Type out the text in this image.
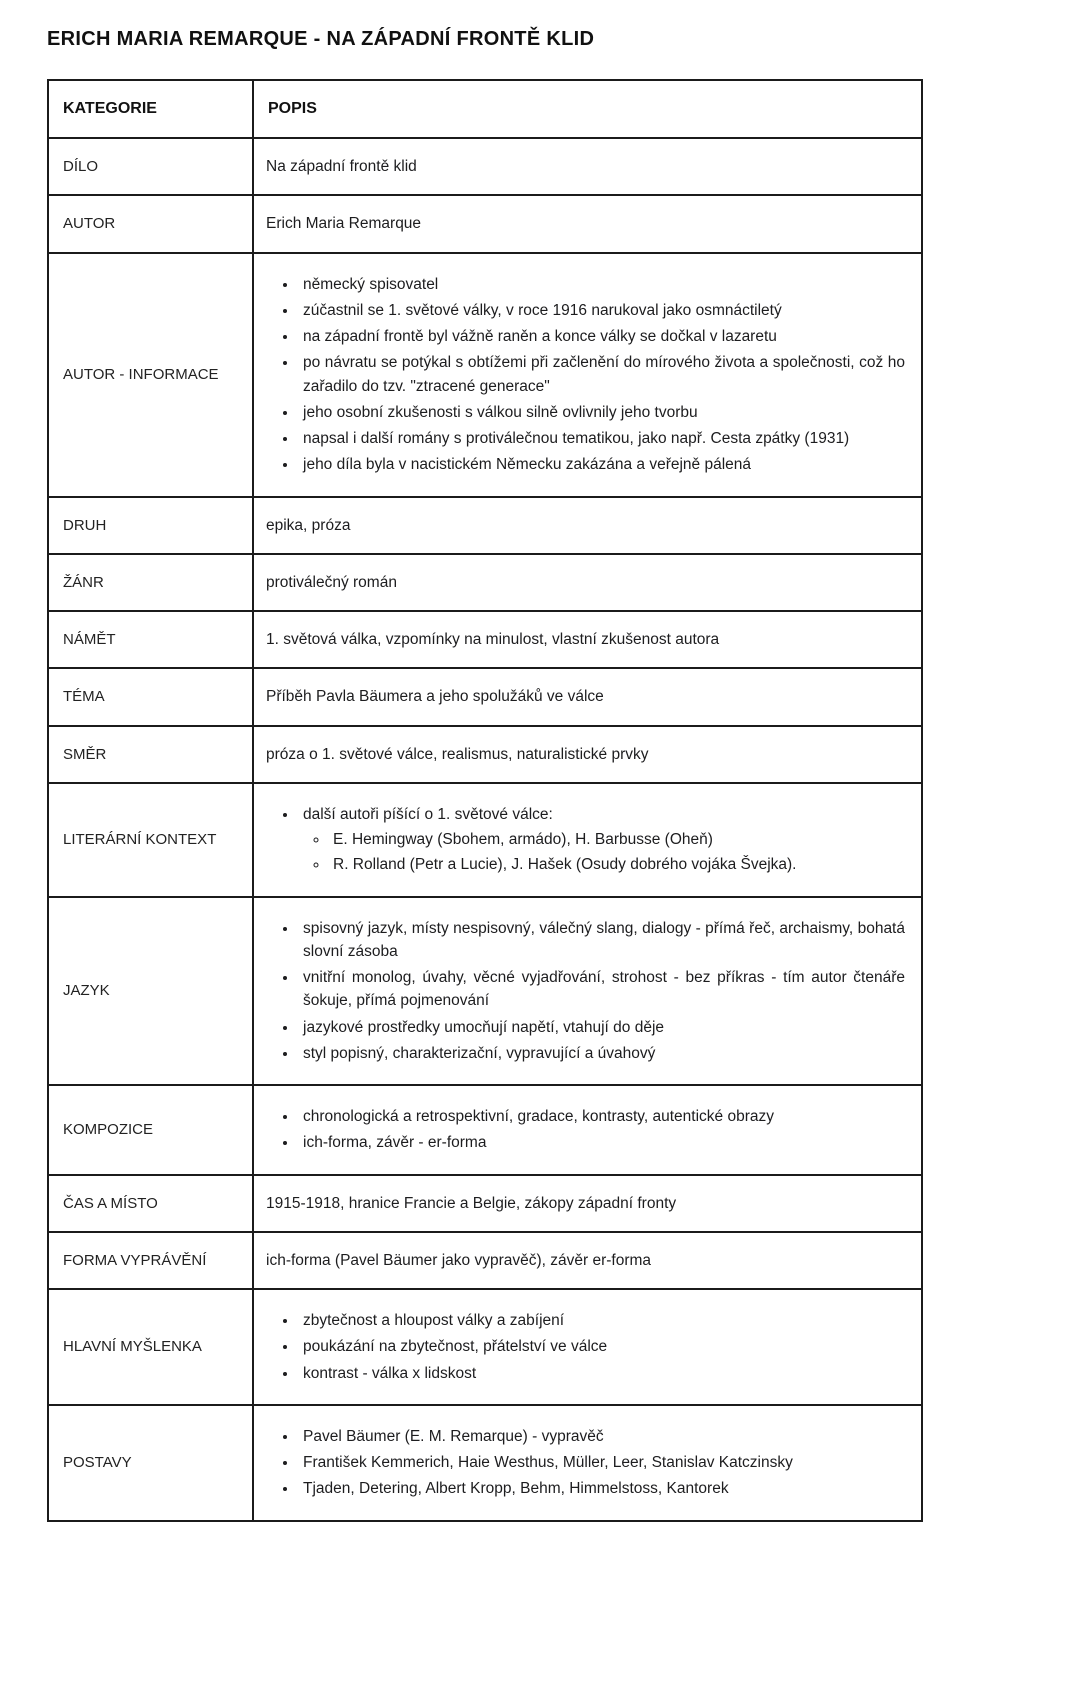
ERICH MARIA REMARQUE - NA ZÁPADNÍ FRONTĚ KLID
KATEGORIE	POPIS
DÍLO	Na západní frontě klid
AUTOR	Erich Maria Remarque
AUTOR - INFORMACE	
• německý spisovatel
• zúčastnil se 1. světové války, v roce 1916 narukoval jako osmnáctiletý
• na západní frontě byl vážně raněn a konce války se dočkal v lazaretu
• po návratu se potýkal s obtížemi při začlenění do mírového života a společnosti, což ho zařadilo do tzv. "ztracené generace"
• jeho osobní zkušenosti s válkou silně ovlivnily jeho tvorbu
• napsal i další romány s protiválečnou tematikou, jako např. Cesta zpátky (1931)
• jeho díla byla v nacistickém Německu zakázána a veřejně pálená

DRUH	epika, próza
ŽÁNR	protiválečný román
NÁMĚT	1. světová válka, vzpomínky na minulost, vlastní zkušenost autora
TÉMA	Příběh Pavla Bäumera a jeho spolužáků ve válce
SMĚR	próza o 1. světové válce, realismus, naturalistické prvky
LITERÁRNÍ KONTEXT	
• další autoři píšící o 1. světové válce:
◦ E. Hemingway (Sbohem, armádo), H. Barbusse (Oheň)
◦ R. Rolland (Petr a Lucie), J. Hašek (Osudy dobrého vojáka Švejka).

JAZYK	
• spisovný jazyk, místy nespisovný, válečný slang, dialogy - přímá řeč, archaismy, bohatá slovní zásoba
• vnitřní monolog, úvahy, věcné vyjadřování, strohost - bez příkras - tím autor čtenáře šokuje, přímá pojmenování
• jazykové prostředky umocňují napětí, vtahují do děje
• styl popisný, charakterizační, vypravující a úvahový

KOMPOZICE	
• chronologická a retrospektivní, gradace, kontrasty, autentické obrazy
• ich-forma, závěr - er-forma

ČAS A MÍSTO	1915-1918, hranice Francie a Belgie, zákopy západní fronty
FORMA VYPRÁVĚNÍ	ich-forma (Pavel Bäumer jako vypravěč), závěr er-forma
HLAVNÍ MYŠLENKA	
• zbytečnost a hloupost války a zabíjení
• poukázání na zbytečnost, přátelství ve válce
• kontrast - válka x lidskost

POSTAVY	
• Pavel Bäumer (E. M. Remarque) - vypravěč
• František Kemmerich, Haie Westhus, Müller, Leer, Stanislav Katczinsky
• Tjaden, Detering, Albert Kropp, Behm, Himmelstoss, Kantorek
